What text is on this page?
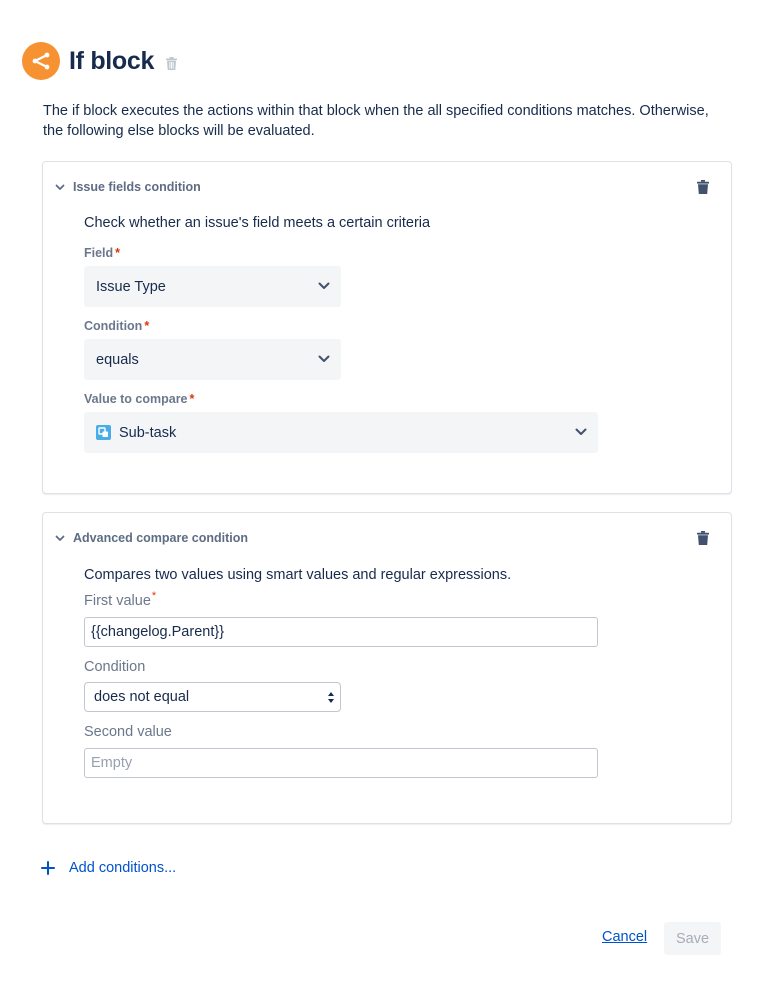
If block
The if block executes the actions within that block when the all specified conditions matches. Otherwise, the following else blocks will be evaluated.
Issue fields condition
Check whether an issue's field meets a certain criteria
Field *
Issue Type
Condition *
equals
Value to compare *
Sub-task
Advanced compare condition
Compares two values using smart values and regular expressions.
First value*
{{changelog.Parent}}
Condition
does not equal
Second value
Empty
Add conditions...
Cancel	Save
